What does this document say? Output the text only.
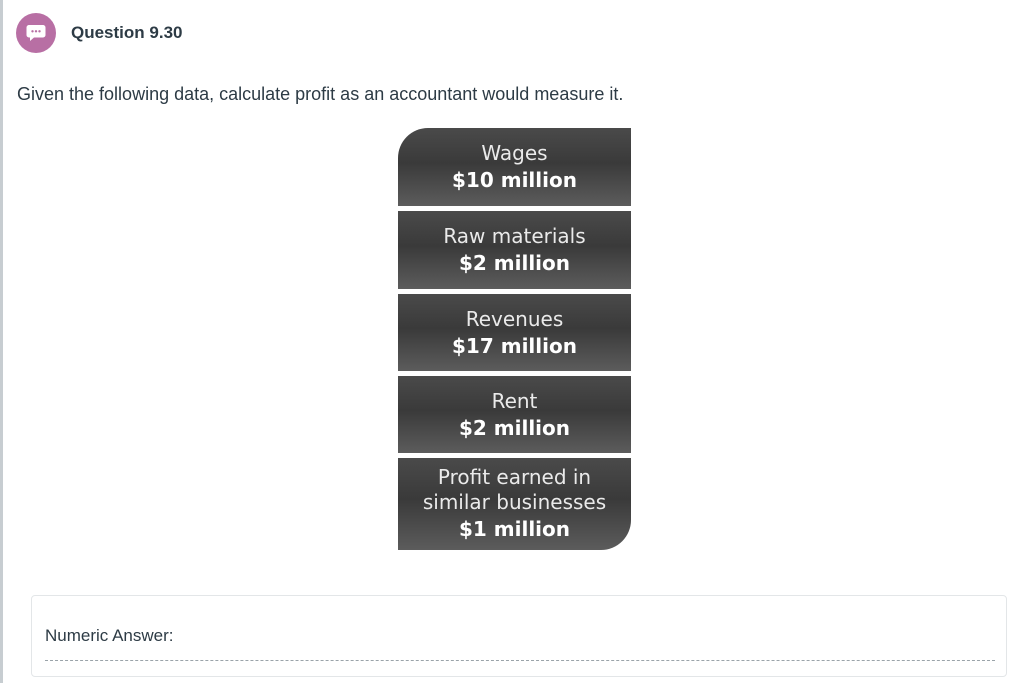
Question 9.30
Given the following data, calculate profit as an accountant would measure it.
Wages
$10 million
Raw materials
$2 million
Revenues
$17 million
Rent
$2 million
Profit earned in
similar businesses
$1 million
Numeric Answer:
